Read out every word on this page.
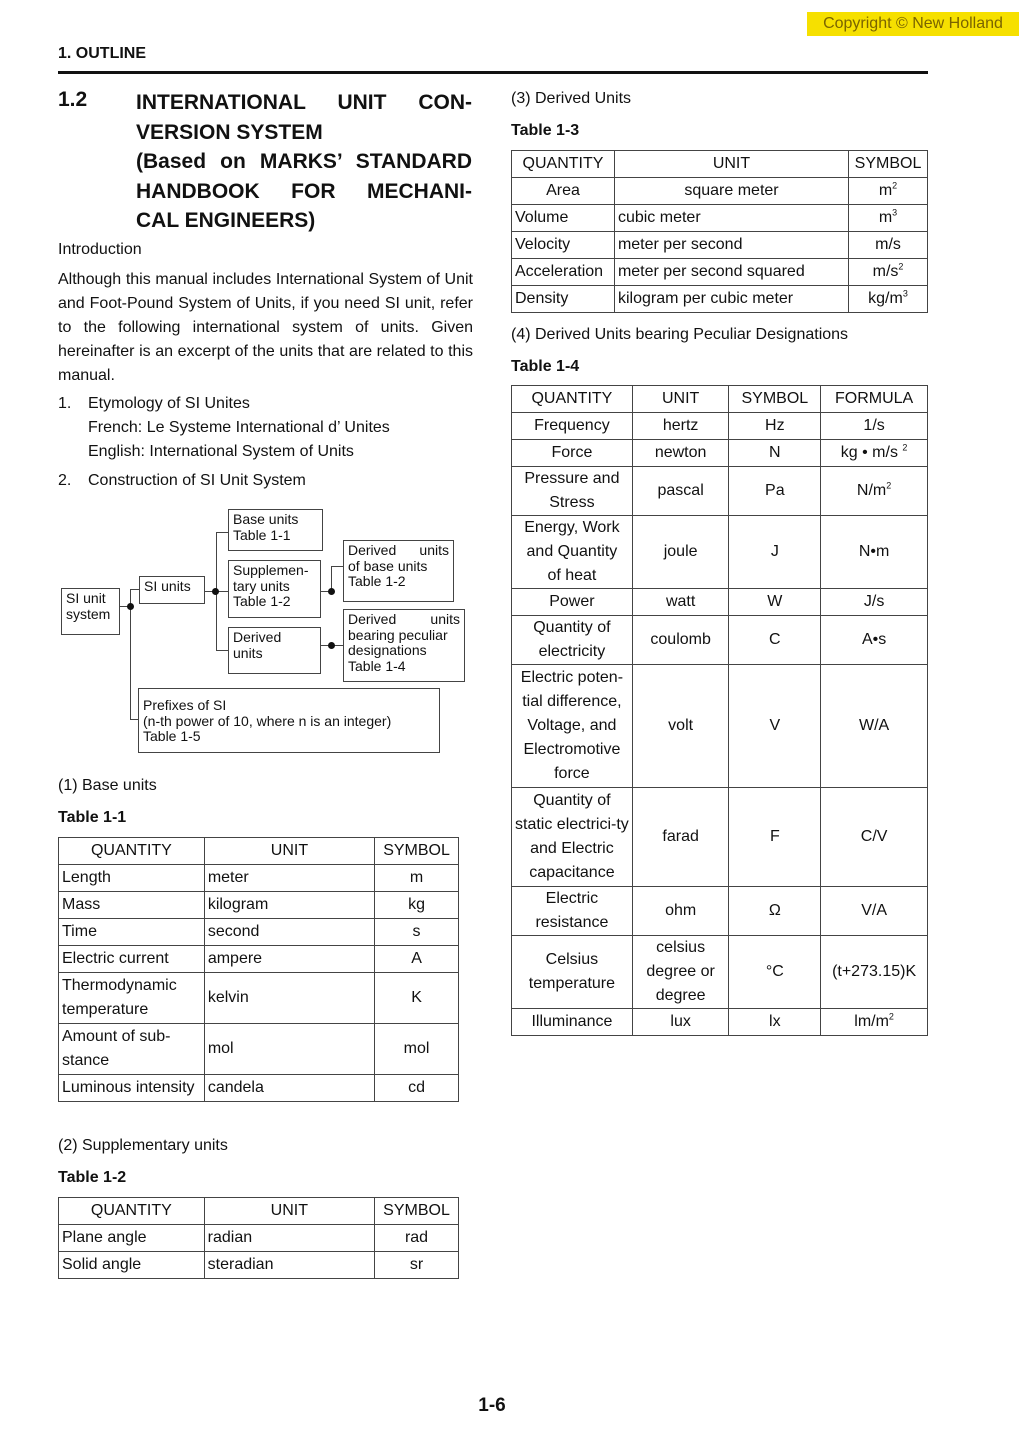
Copyright © New Holland
1. OUTLINE
1.2 INTERNATIONAL UNIT CON-
VERSION SYSTEM
(Based on MARKS’ STANDARD
HANDBOOK FOR MECHANI-
CAL ENGINEERS)
Introduction
Although this manual includes International System of Unit and Foot-Pound System of Units, if you need SI unit, refer to the following international system of units. Given hereinafter is an excerpt of the units that are related to this manual.
1. Etymology of SI Unites
French: Le Systeme International d’ Unites
English: International System of Units
2. Construction of SI Unit System
SI unit system
SI units
Base units
Table 1-1
Supplemen-
tary units
Table 1-2
Derived
units
Derived units
of base units
Table 1-2
Derived units
bearing peculiar
designations
Table 1-4
Prefixes of SI
(n-th power of 10, where n is an integer)
Table 1-5
(1) Base units
Table 1-1
QUANTITY	UNIT	SYMBOL
Length	meter	m
Mass	kilogram	kg
Time	second	s
Electric current	ampere	A
Thermodynamic temperature	kelvin	K
Amount of sub-stance	mol	mol
Luminous intensity	candela	cd
(2) Supplementary units
Table 1-2
QUANTITY	UNIT	SYMBOL
Plane angle	radian	rad
Solid angle	steradian	sr
(3) Derived Units
Table 1-3
QUANTITY	UNIT	SYMBOL
Area	square meter	$m^2$
Volume	cubic meter	$m^3$
Velocity	meter per second	m/s
Acceleration	meter per second squared	$m/s^2$
Density	kilogram per cubic meter	$kg/m^3$
(4) Derived Units bearing Peculiar Designations
Table 1-4
QUANTITY	UNIT	SYMBOL	FORMULA
Frequency	hertz	Hz	1/s
Force	newton	N	kg • m/s $^2$
Pressure and Stress	pascal	Pa	$N/m^2$
Energy, Work and Quantity of heat	joule	J	N•m
Power	watt	W	J/s
Quantity of electricity	coulomb	C	A•s
Electric poten-tial difference, Voltage, and Electromotive force	volt	V	W/A
Quantity of static electrici-ty and Electric capacitance	farad	F	C/V
Electric resistance	ohm	Ω	V/A
Celsius temperature	celsius degree or degree	°C	(t+273.15)K
Illuminance	lux	lx	$lm/m^2$
1-6
